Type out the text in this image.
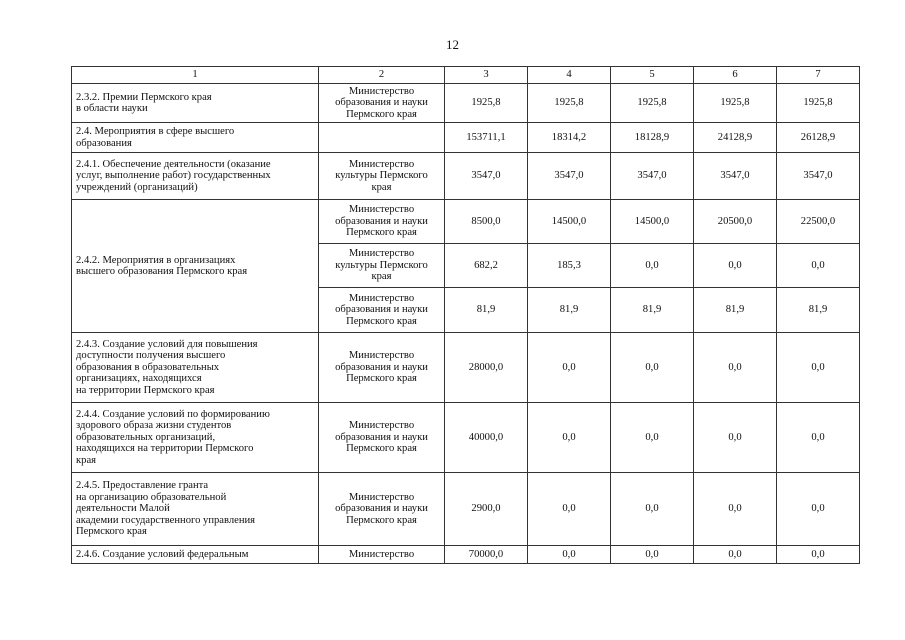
12
1	2	3	4	5	6	7
2.3.2. Премии Пермского края
в области науки	Министерство
образования и науки
Пермского края	1925,8	1925,8	1925,8	1925,8	1925,8
2.4. Мероприятия в сфере высшего
образования		153711,1	18314,2	18128,9	24128,9	26128,9
2.4.1. Обеспечение деятельности (оказание
услуг, выполнение работ) государственных
учреждений (организаций)	Министерство
культуры Пермского
края	3547,0	3547,0	3547,0	3547,0	3547,0
2.4.2. Мероприятия в организациях
высшего образования Пермского края	Министерство
образования и науки
Пермского края	8500,0	14500,0	14500,0	20500,0	22500,0
	Министерство
культуры Пермского
края	682,2	185,3	0,0	0,0	0,0
	Министерство
образования и науки
Пермского края	81,9	81,9	81,9	81,9	81,9
2.4.3. Создание условий для повышения
доступности получения высшего
образования в образовательных
организациях, находящихся
на территории Пермского края	Министерство
образования и науки
Пермского края	28000,0	0,0	0,0	0,0	0,0
2.4.4. Создание условий по формированию
здорового образа жизни студентов
образовательных организаций,
находящихся на территории Пермского
края	Министерство
образования и науки
Пермского края	40000,0	0,0	0,0	0,0	0,0
2.4.5. Предоставление гранта
на организацию образовательной
деятельности Малой
академии государственного управления
Пермского края	Министерство
образования и науки
Пермского края	2900,0	0,0	0,0	0,0	0,0
2.4.6. Создание условий федеральным	Министерство	70000,0	0,0	0,0	0,0	0,0
